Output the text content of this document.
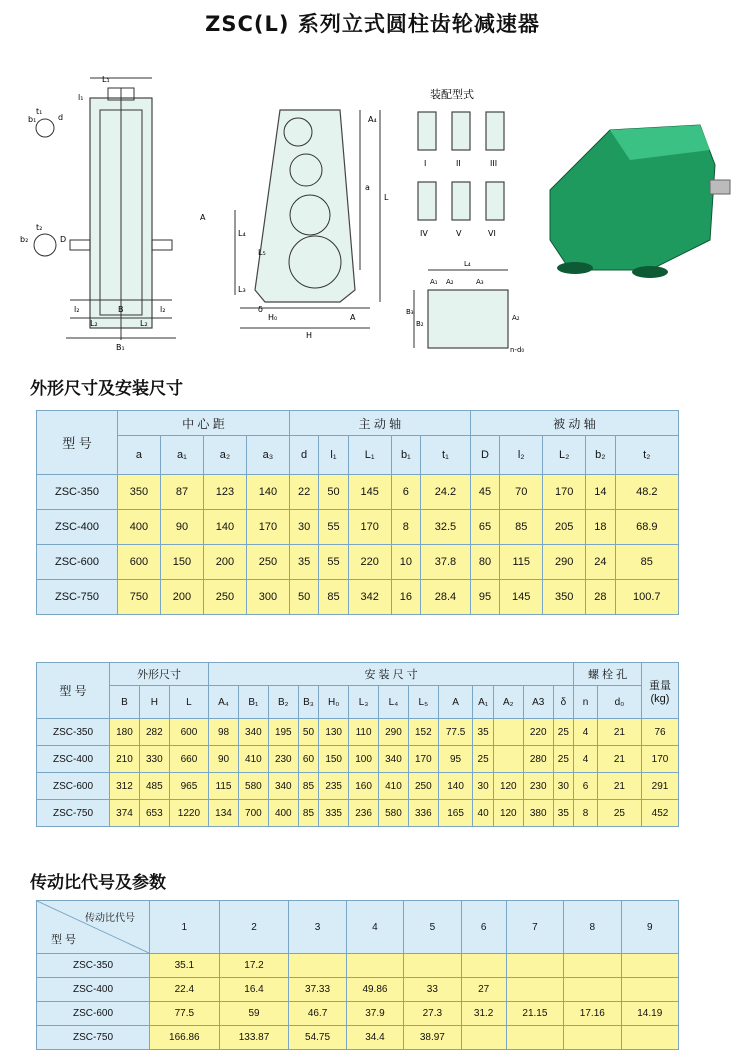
ZSC(L) 系列立式圆柱齿轮减速器
L₁
l₁
b₁
t₁
d
b₂
t₂
D
l₂
L₂
B
L₂
l₂
B₁
A₄
A
a
L
L₄
L₅
L₃
δ
H₀
H
A
装配型式
I	II	III
IV	V	VI
L₄
A₁ A₂	A₃
B₃
B₂
A₂
n-d₀
外形尺寸及安装尺寸
型 号	中 心 距				主 动 轴					被 动 轴				
	a	a₁	a₂	a₃	d	l₁	L₁	b₁	t₁	D	l₂	L₂	b₂	t₂
ZSC-350	350	87	123	140	22	50	145	6	24.2	45	70	170	14	48.2
ZSC-400	400	90	140	170	30	55	170	8	32.5	65	85	205	18	68.9
ZSC-600	600	150	200	250	35	55	220	10	37.8	80	115	290	24	85
ZSC-750	750	200	250	300	50	85	342	16	28.4	95	145	350	28	100.7
型 号	外形尺寸			安 装 尺 寸													螺 栓 孔		重量
(kg)
	B	H	L	A₄	B₁	B₂	B₃	H₀	L₃	L₄	L₅	A	A₁	A₂	A3	δ	n	d₀	
ZSC-350	180	282	600	98	340	195	50	130	110	290	152	77.5	35		220	25	4	21	76
ZSC-400	210	330	660	90	410	230	60	150	100	340	170	95	25		280	25	4	21	170
ZSC-600	312	485	965	115	580	340	85	235	160	410	250	140	30	120	230	30	6	21	291
ZSC-750	374	653	1220	134	700	400	85	335	236	580	336	165	40	120	380	35	8	25	452
传动比代号及参数
传动比代号
型 号	1	2	3	4	5	6	7	8	9
ZSC-350	35.1	17.2							
ZSC-400	22.4	16.4	37.33	49.86	33	27			
ZSC-600	77.5	59	46.7	37.9	27.3	31.2	21.15	17.16	14.19
ZSC-750	166.86	133.87	54.75	34.4	38.97				
